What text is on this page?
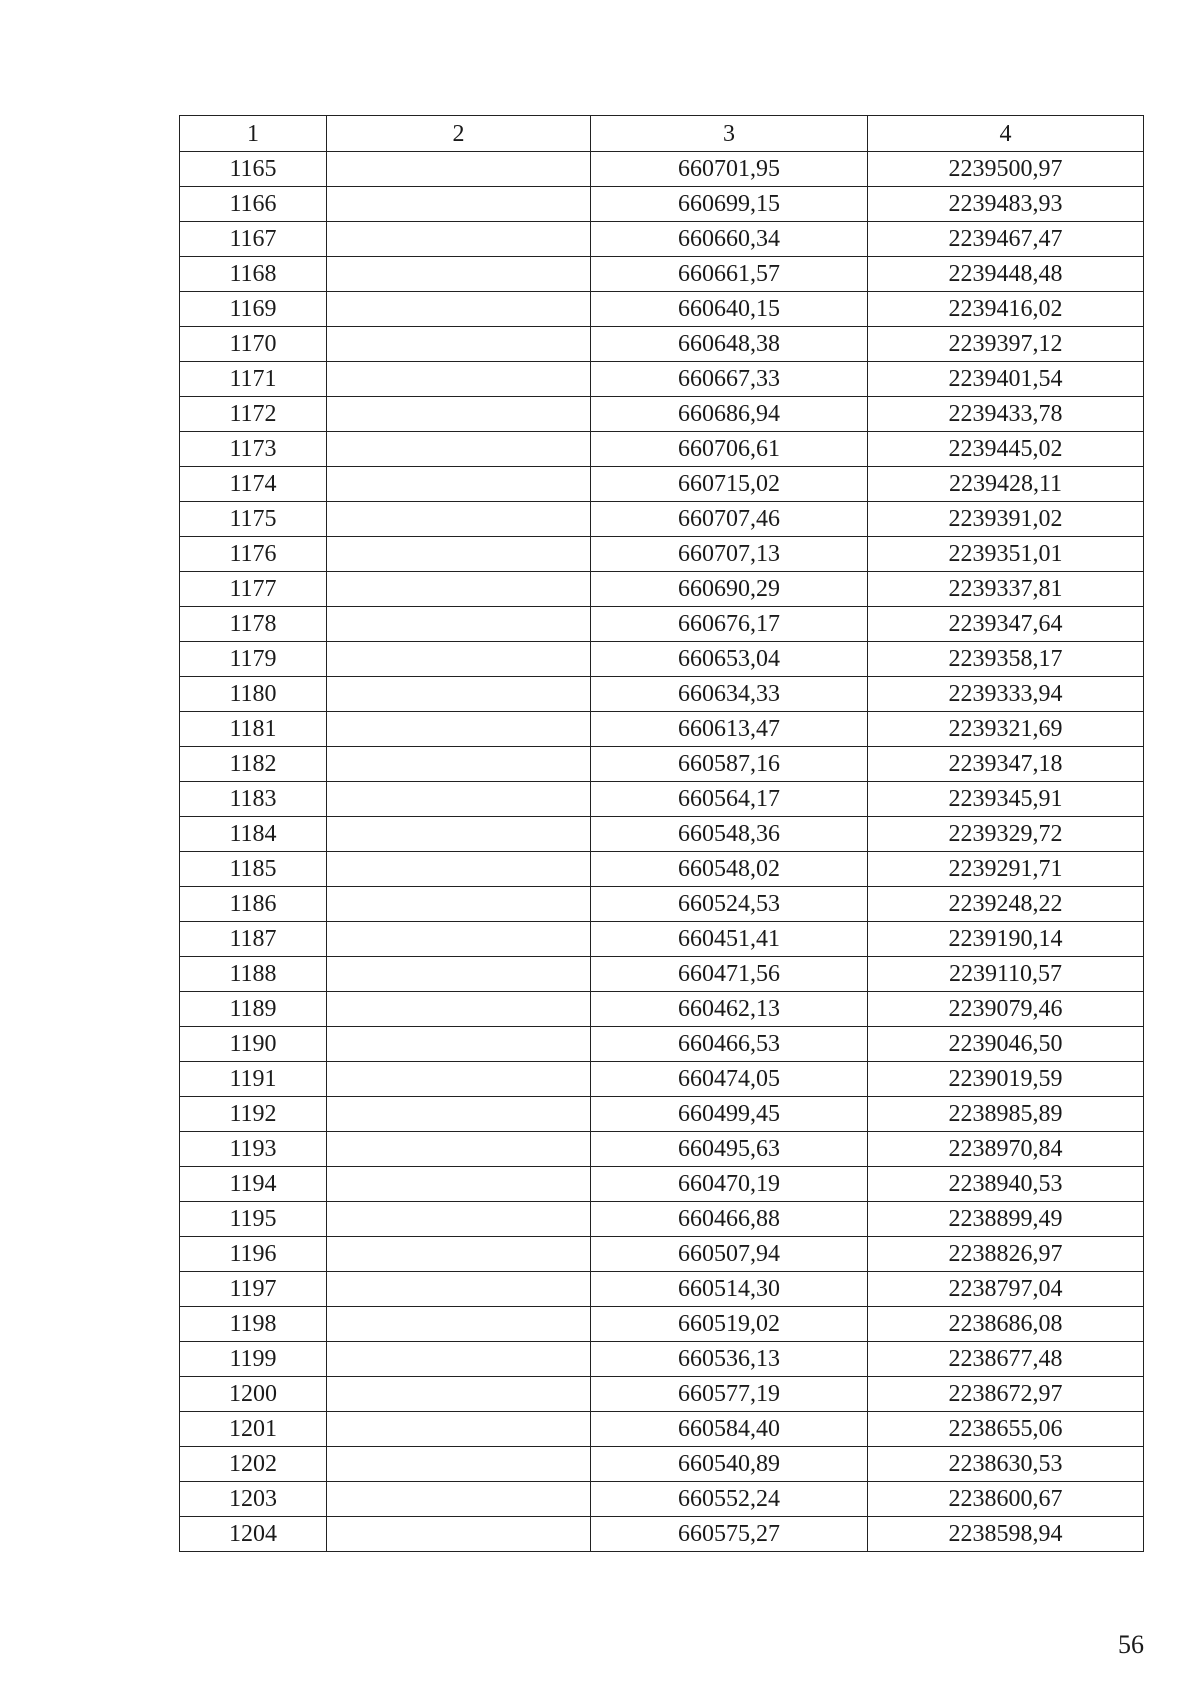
1	2	3	4
1165		660701,95	2239500,97
1166		660699,15	2239483,93
1167		660660,34	2239467,47
1168		660661,57	2239448,48
1169		660640,15	2239416,02
1170		660648,38	2239397,12
1171		660667,33	2239401,54
1172		660686,94	2239433,78
1173		660706,61	2239445,02
1174		660715,02	2239428,11
1175		660707,46	2239391,02
1176		660707,13	2239351,01
1177		660690,29	2239337,81
1178		660676,17	2239347,64
1179		660653,04	2239358,17
1180		660634,33	2239333,94
1181		660613,47	2239321,69
1182		660587,16	2239347,18
1183		660564,17	2239345,91
1184		660548,36	2239329,72
1185		660548,02	2239291,71
1186		660524,53	2239248,22
1187		660451,41	2239190,14
1188		660471,56	2239110,57
1189		660462,13	2239079,46
1190		660466,53	2239046,50
1191		660474,05	2239019,59
1192		660499,45	2238985,89
1193		660495,63	2238970,84
1194		660470,19	2238940,53
1195		660466,88	2238899,49
1196		660507,94	2238826,97
1197		660514,30	2238797,04
1198		660519,02	2238686,08
1199		660536,13	2238677,48
1200		660577,19	2238672,97
1201		660584,40	2238655,06
1202		660540,89	2238630,53
1203		660552,24	2238600,67
1204		660575,27	2238598,94
56
